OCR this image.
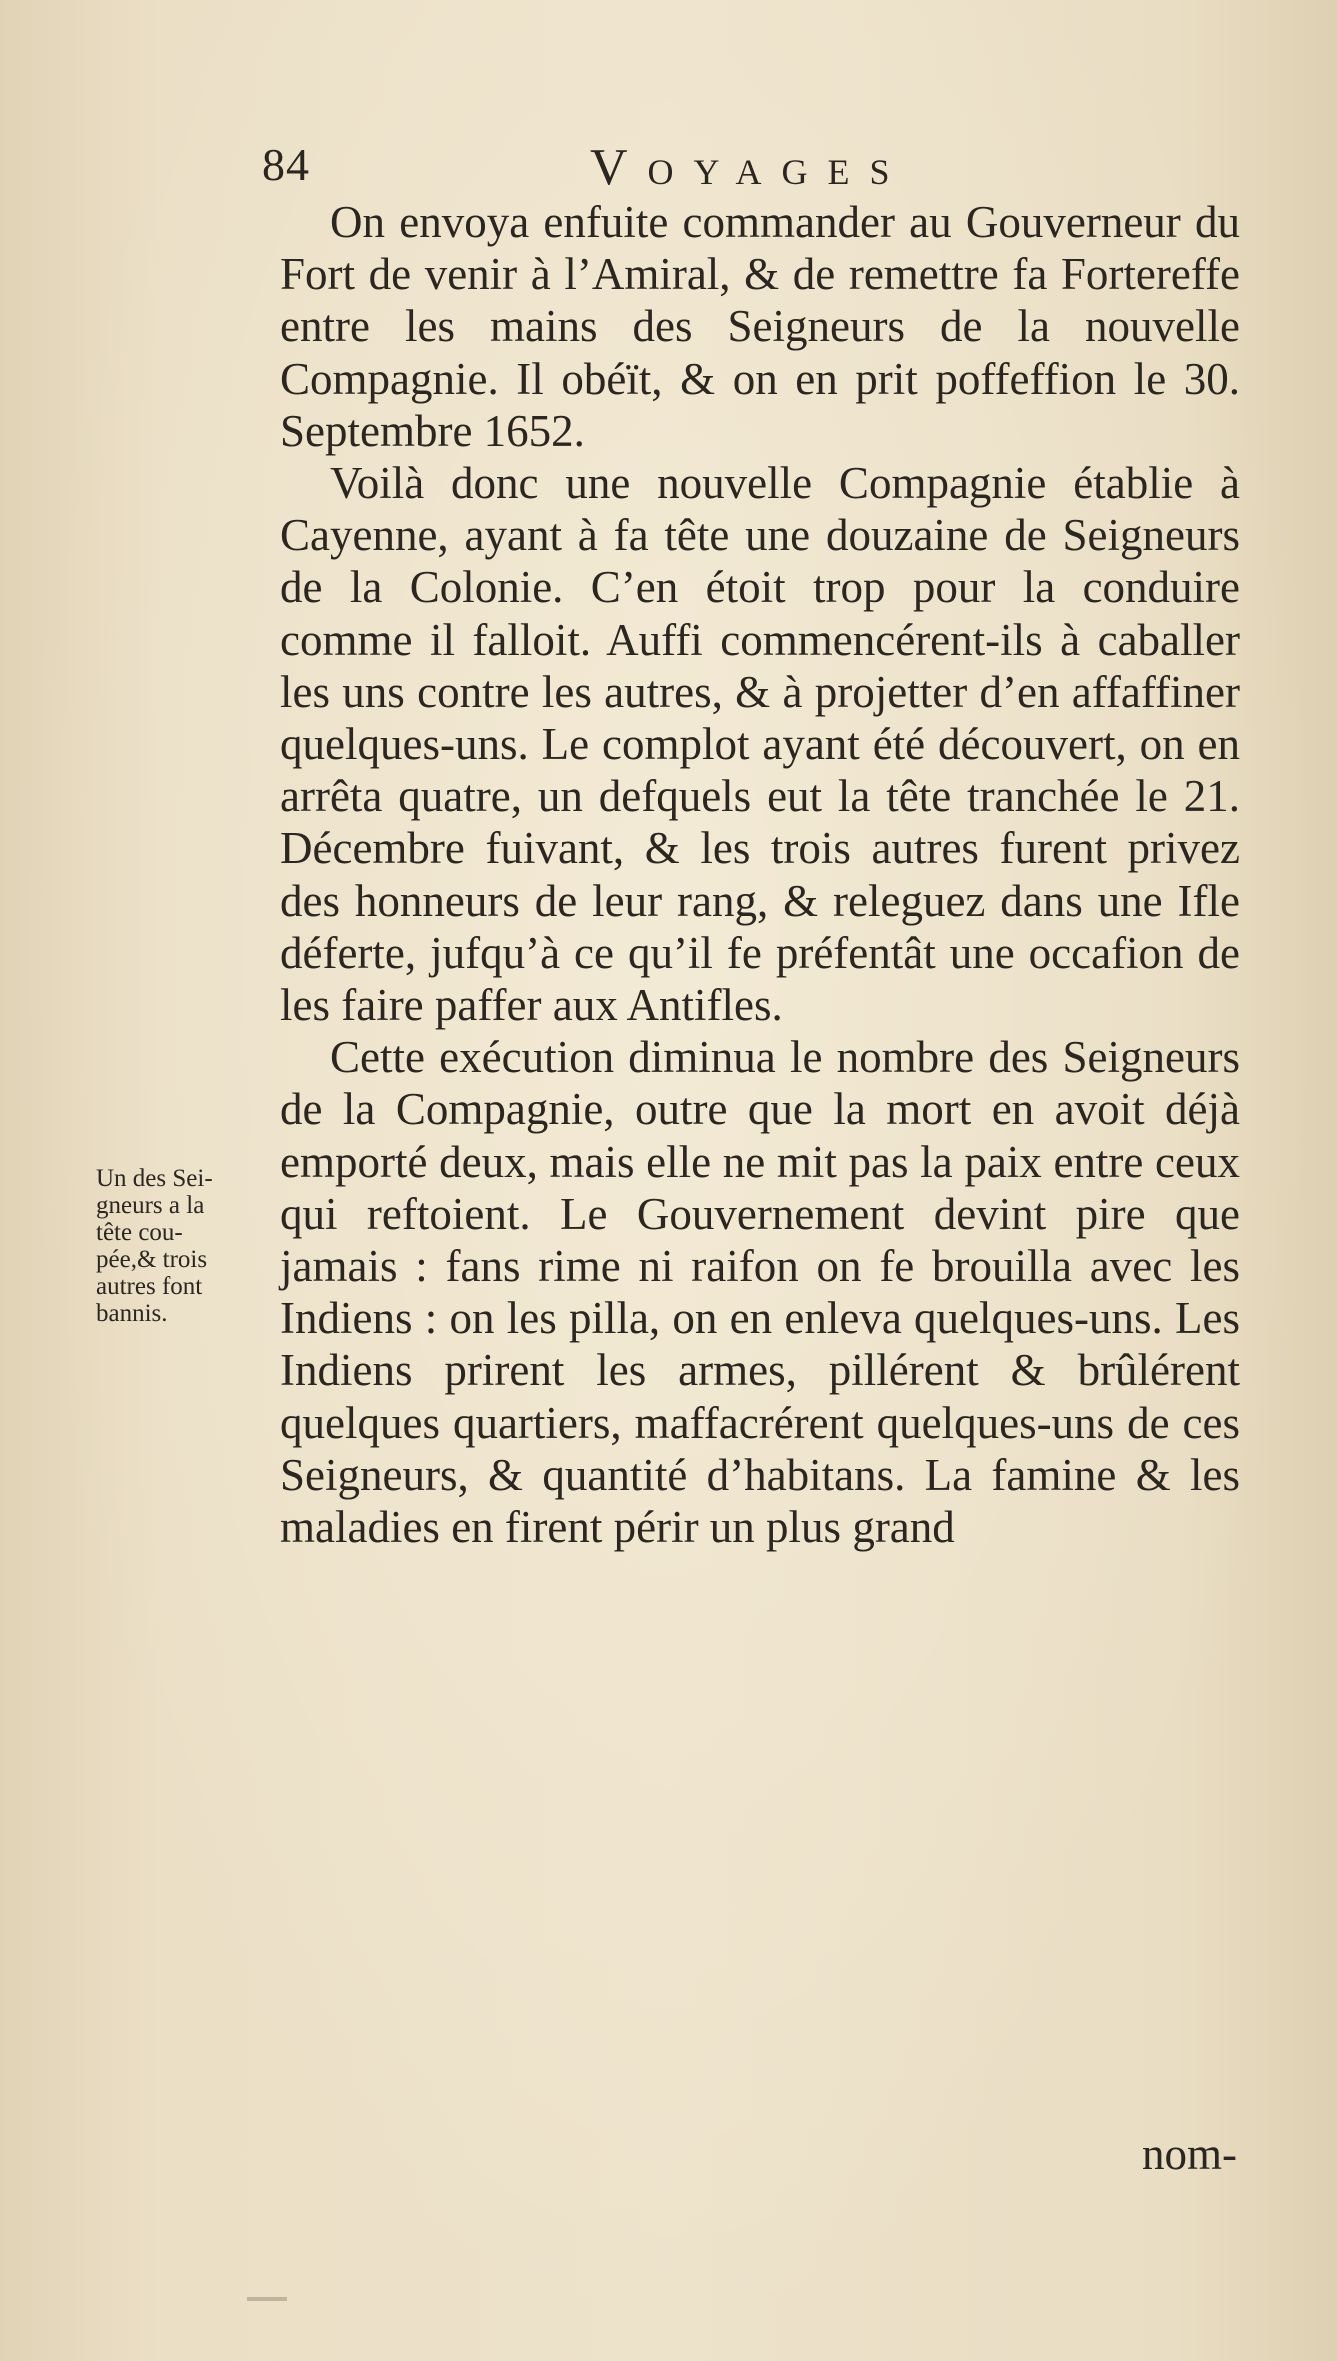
84	Voyages

On envoya enfuite commander au Gouverneur du Fort de venir à l’Amiral, & de remettre fa Fortereffe entre les mains des Seigneurs de la nouvelle Compagnie. Il obéït, & on en prit poffeffion le 30. Septembre 1652.

Voilà donc une nouvelle Compagnie établie à Cayenne, ayant à fa tête une douzaine de Seigneurs de la Colonie. C’en étoit trop pour la conduire comme il falloit. Auffi commencérent-ils à caballer les uns contre les autres, & à projetter d’en affaffiner quelques-uns. Le complot ayant été découvert, on en arrêta quatre, un defquels eut la tête tranchée le 21. Décembre fuivant, & les trois autres furent privez des honneurs de leur rang, & releguez dans une Ifle déferte, jufqu’à ce qu’il fe préfentât une occafion de les faire paffer aux Antifles.

Cette exécution diminua le nombre des Seigneurs de la Compagnie, outre que la mort en avoit déjà emporté deux, mais elle ne mit pas la paix entre ceux qui reftoient. Le Gouvernement devint pire que jamais : fans rime ni raifon on fe brouilla avec les Indiens : on les pilla, on en enleva quelques-uns. Les Indiens prirent les armes, pillérent & brûlérent quelques quartiers, maffacrérent quelques-uns de ces Seigneurs, & quantité d’habitans. La famine & les maladies en firent périr un plus grand

nom-
Un des Sei-
gneurs a la
tête cou-
pée,& trois
autres font
bannis.
